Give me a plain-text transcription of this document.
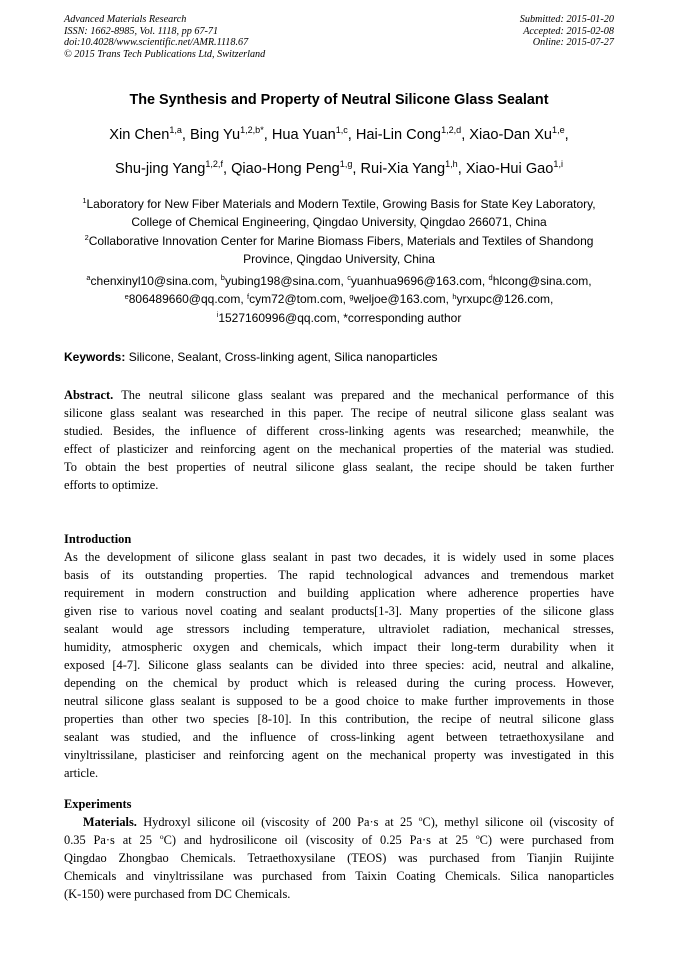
Advanced Materials Research
ISSN: 1662-8985, Vol. 1118, pp 67-71
doi:10.4028/www.scientific.net/AMR.1118.67
© 2015 Trans Tech Publications Ltd, Switzerland
Submitted: 2015-01-20
Accepted: 2015-02-08
Online: 2015-07-27
The Synthesis and Property of Neutral Silicone Glass Sealant
Xin Chen$^{1,a}$, Bing $Yu^{1,2,b*}$, Hua Yuan$^{1,c}$, Hai-Lin Cong$^{1,2,d}$, Xiao-Dan Xu$^{1,e}$,
Shu-jing Yang$^{1,2,f}$, Qiao-Hong Peng$^{1,g}$, Rui-Xia Yang$^{1,h}$, Xiao-Hui Gao$^{1,i}$
$^1$Laboratory for New Fiber Materials and Modern Textile, Growing Basis for State Key Laboratory,
College of Chemical Engineering, Qingdao University, Qingdao 266071, China
$^2$Collaborative Innovation Center for Marine Biomass Fibers, Materials and Textiles of Shandong
Province, Qingdao University, China
$^a$chenxinyl10@sina.com, $^b$yubing198@sina.com, $^c$yuanhua9696@163.com, $^d$hlcong@sina.com,
$^e$806489660@qq.com, $^f$cym72@tom.com, $^g$weljoe@163.com, $^h$yrxupc@126.com,
$^i$1527160996@qq.com, *corresponding author
Keywords: Silicone, Sealant, Cross-linking agent, Silica nanoparticles
Abstract. The neutral silicone glass sealant was prepared and the mechanical performance of this
silicone glass sealant was researched in this paper. The recipe of neutral silicone glass sealant was
studied. Besides, the influence of different cross-linking agents was researched; meanwhile, the
effect of plasticizer and reinforcing agent on the mechanical properties of the material was studied.
To obtain the best properties of neutral silicone glass sealant, the recipe should be taken further
efforts to optimize.
Introduction
As the development of silicone glass sealant in past two decades, it is widely used in some places
basis of its outstanding properties. The rapid technological advances and tremendous market
requirement in modern construction and building application where adherence properties have
given rise to various novel coating and sealant products[1-3]. Many properties of the silicone glass
sealant would age stressors including temperature, ultraviolet radiation, mechanical stresses,
humidity, atmospheric oxygen and chemicals, which impact their long-term durability when it
exposed [4-7]. Silicone glass sealants can be divided into three species: acid, neutral and alkaline,
depending on the chemical by product which is released during the curing process. However,
neutral silicone glass sealant is supposed to be a good choice to make further improvements in those
properties than other two species [8-10]. In this contribution, the recipe of neutral silicone glass
sealant was studied, and the influence of cross-linking agent between tetraethoxysilane and
vinyltrissilane, plasticiser and reinforcing agent on the mechanical property was investigated in this
article.
Experiments
Materials. Hydroxyl silicone oil (viscosity of 200 Pa·s at 25 $^o$C), methyl silicone oil (viscosity of
0.35 Pa·s at 25 $^o$C) and hydrosilicone oil (viscosity of 0.25 Pa·s at 25 $^o$C) were purchased from
Qingdao Zhongbao Chemicals. Tetraethoxysilane (TEOS) was purchased from Tianjin Ruijinte
Chemicals and vinyltrissilane was purchased from Taixin Coating Chemicals. Silica nanoparticles
(K-150) were purchased from DC Chemicals.
